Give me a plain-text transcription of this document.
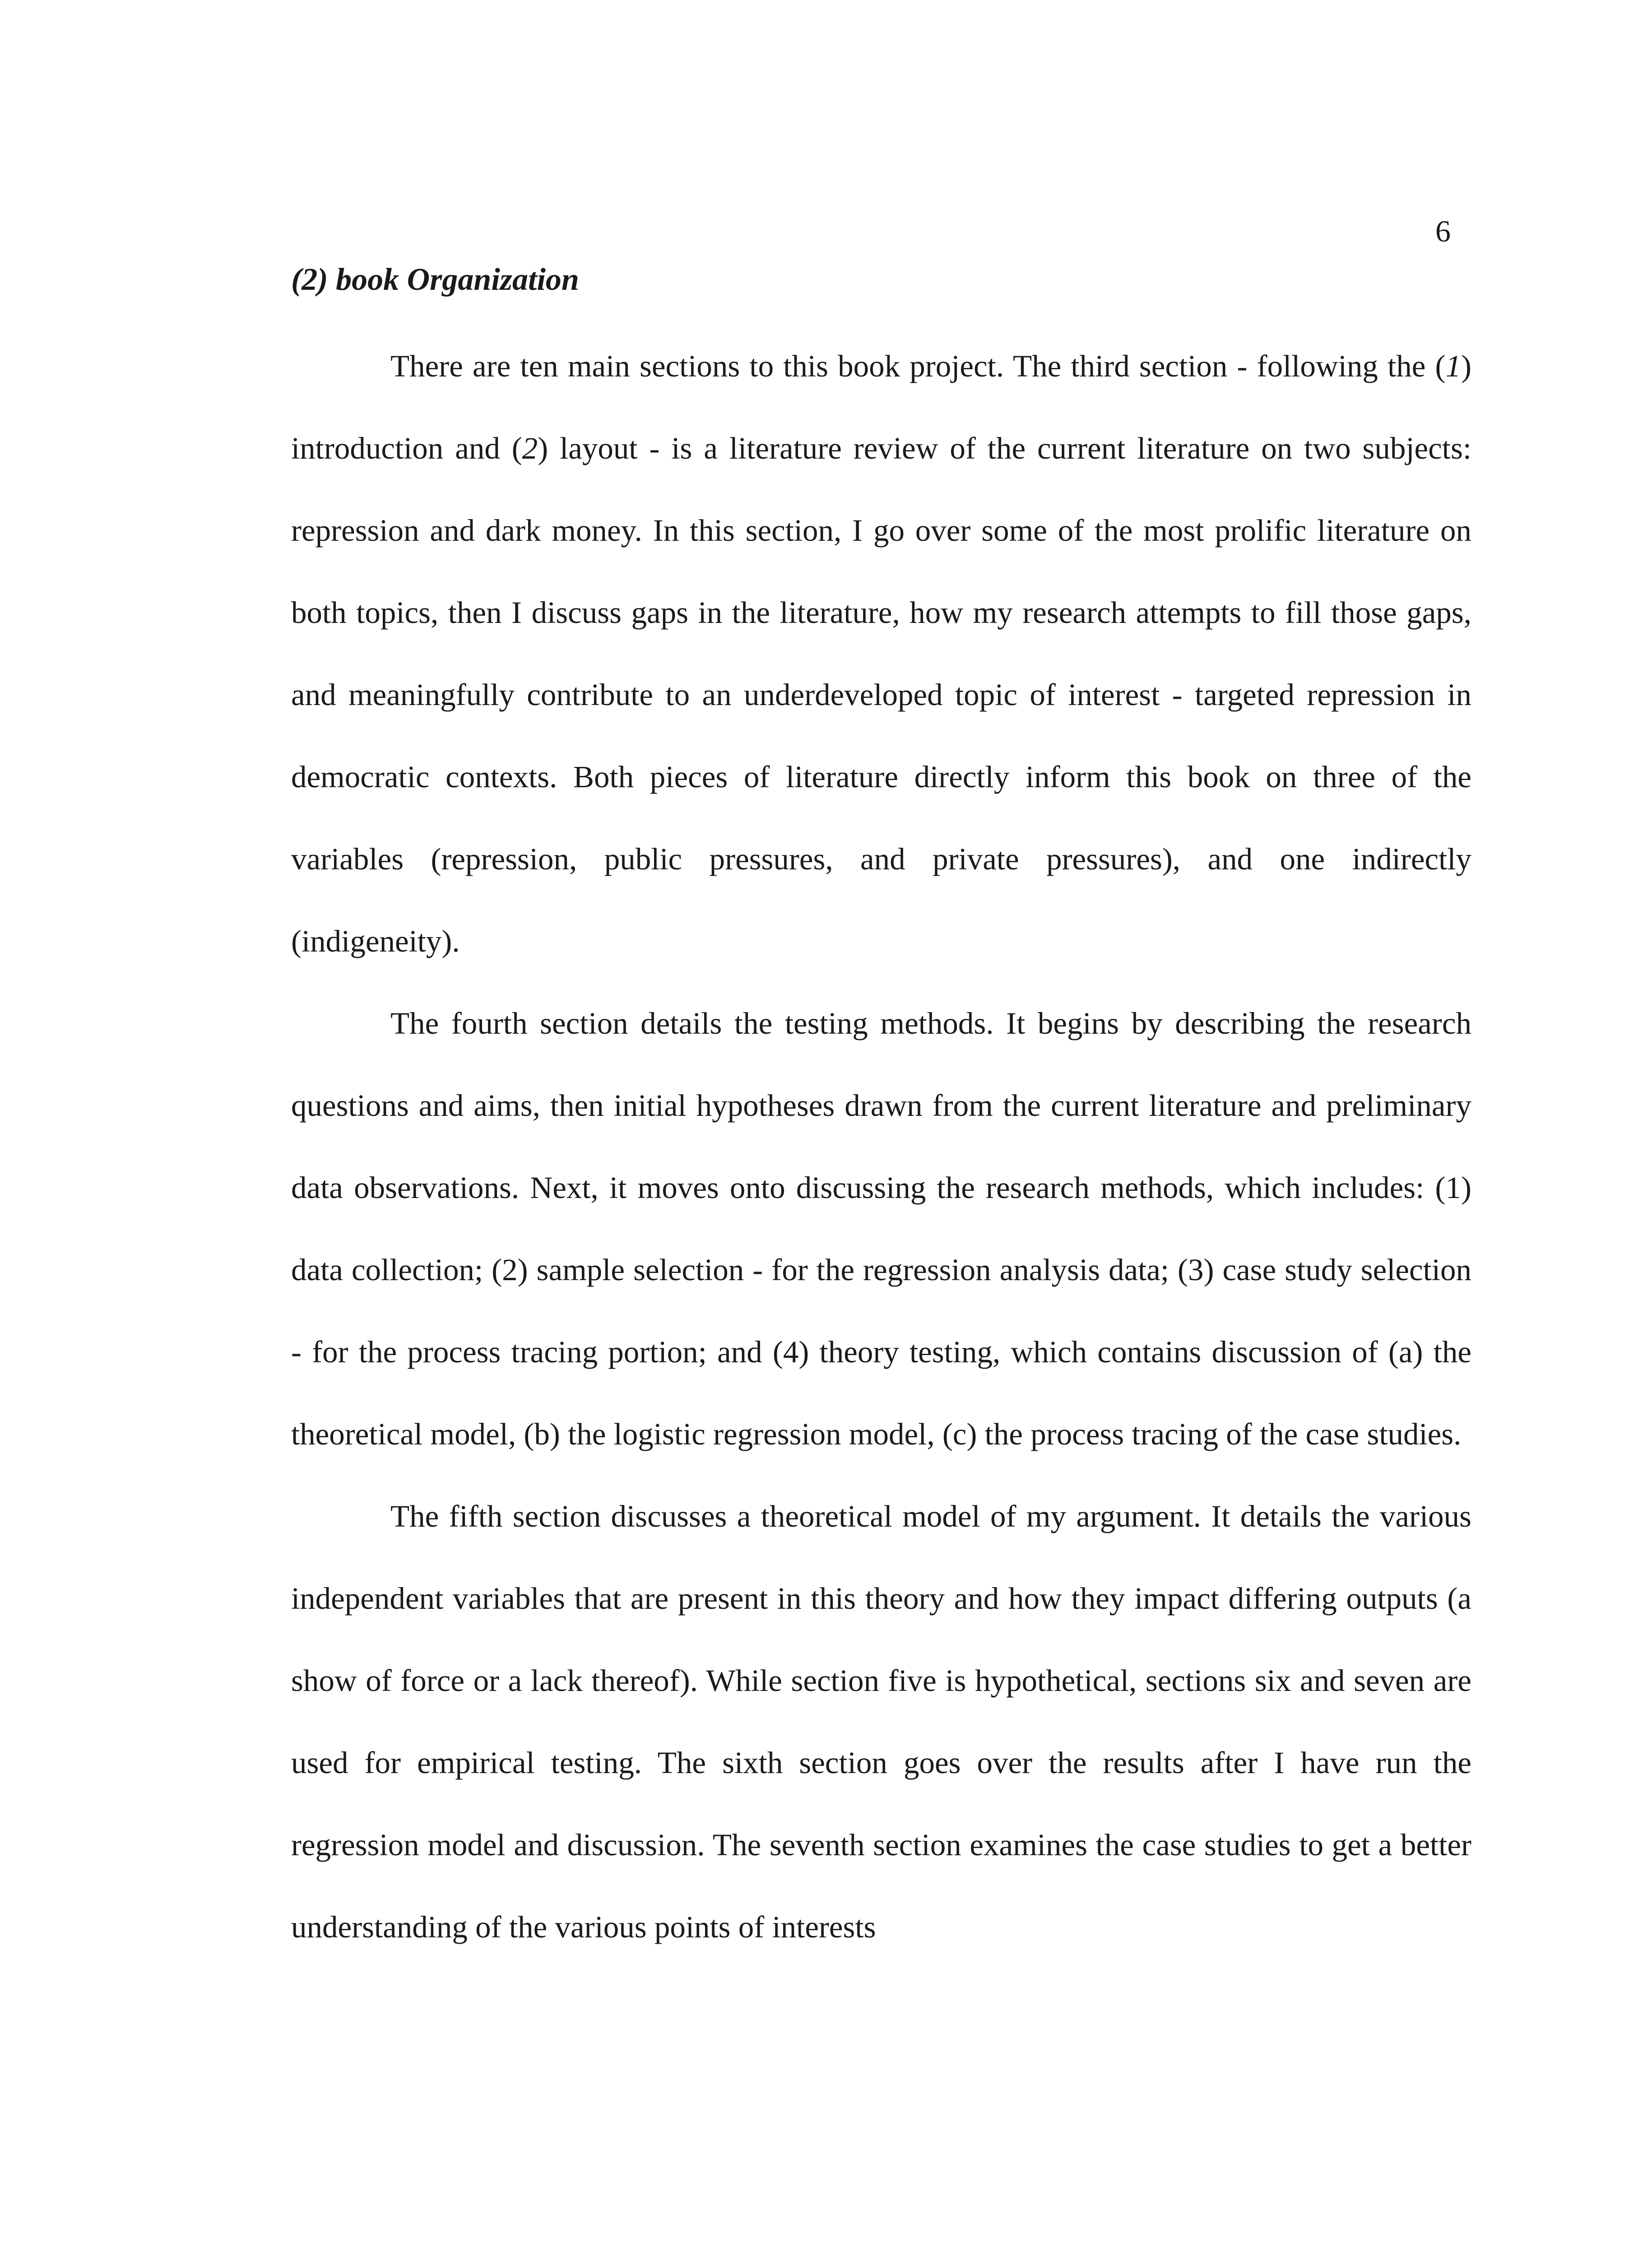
6
(2) book Organization

There are ten main sections to this book project. The third section - following the (1) introduction and (2) layout - is a literature review of the current literature on two subjects: repression and dark money. In this section, I go over some of the most prolific literature on both topics, then I discuss gaps in the literature, how my research attempts to fill those gaps, and meaningfully contribute to an underdeveloped topic of interest - targeted repression in democratic contexts. Both pieces of literature directly inform this book on three of the variables (repression, public pressures, and private pressures), and one indirectly (indigeneity).

The fourth section details the testing methods. It begins by describing the research questions and aims, then initial hypotheses drawn from the current literature and preliminary data observations. Next, it moves onto discussing the research methods, which includes: (1) data collection; (2) sample selection - for the regression analysis data; (3) case study selection - for the process tracing portion; and (4) theory testing, which contains discussion of (a) the theoretical model, (b) the logistic regression model, (c) the process tracing of the case studies.

The fifth section discusses a theoretical model of my argument. It details the various independent variables that are present in this theory and how they impact differing outputs (a show of force or a lack thereof). While section five is hypothetical, sections six and seven are used for empirical testing. The sixth section goes over the results after I have run the regression model and discussion. The seventh section examines the case studies to get a better understanding of the various points of interests
